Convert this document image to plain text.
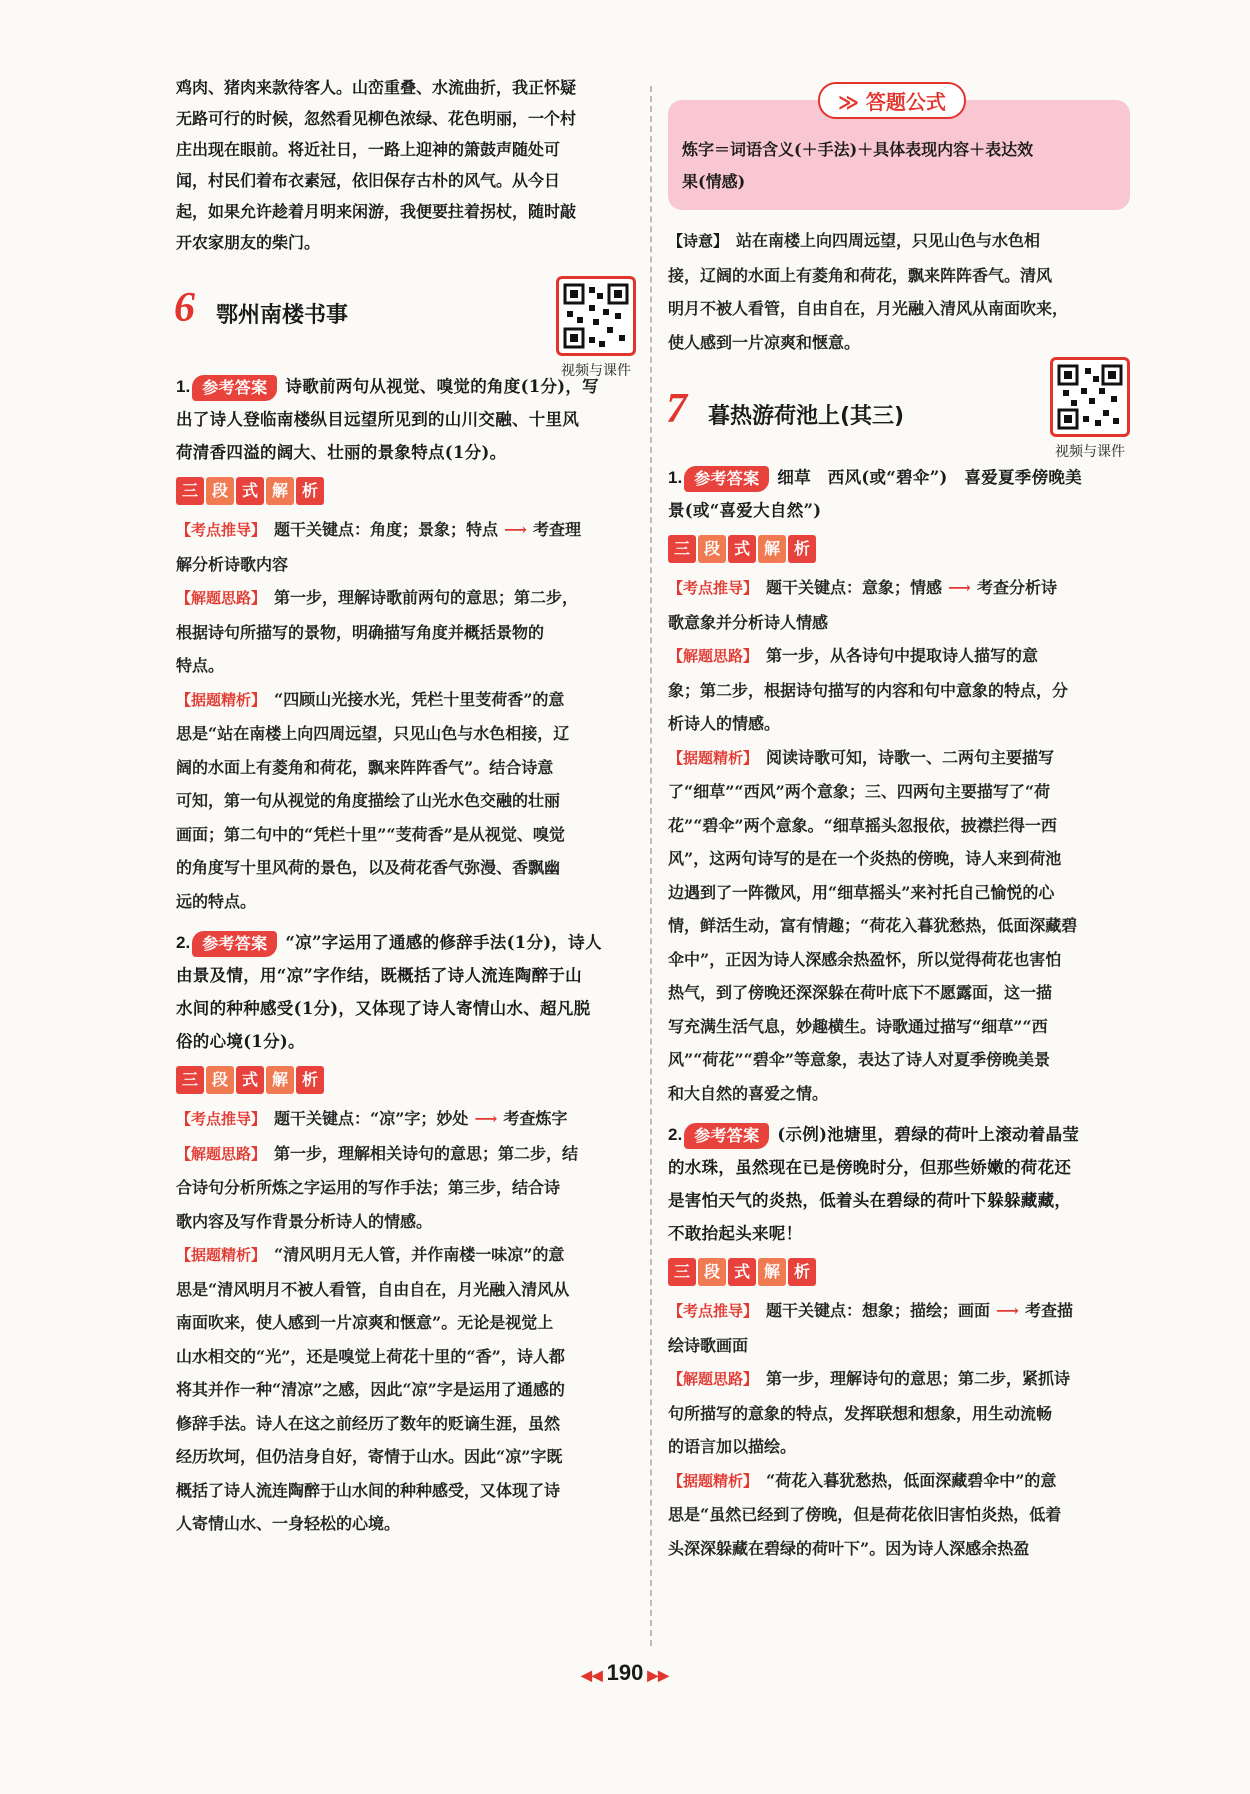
鸡肉、猪肉来款待客人。山峦重叠、水流曲折，我正怀疑

无路可行的时候，忽然看见柳色浓绿、花色明丽，一个村

庄出现在眼前。将近社日，一路上迎神的箫鼓声随处可

闻，村民们着布衣素冠，依旧保存古朴的风气。从今日

起，如果允许趁着月明来闲游，我便要拄着拐杖，随时敲

开农家朋友的柴门。

6 鄂州南楼书事
视频与课件
1. 参考答案 诗歌前两句从视觉、嗅觉的角度(1分)，写

出了诗人登临南楼纵目远望所见到的山川交融、十里风

荷清香四溢的阔大、壮丽的景象特点(1分)。

三 段 式 解 析

【考点推导】 题干关键点：角度；景象；特点 ⟶ 考查理

解分析诗歌内容

【解题思路】 第一步，理解诗歌前两句的意思；第二步，

根据诗句所描写的景物，明确描写角度并概括景物的

特点。

【据题精析】 “四顾山光接水光，凭栏十里芰荷香”的意

思是“站在南楼上向四周远望，只见山色与水色相接，辽

阔的水面上有菱角和荷花，飘来阵阵香气”。结合诗意

可知，第一句从视觉的角度描绘了山光水色交融的壮丽

画面；第二句中的“凭栏十里”“芰荷香”是从视觉、嗅觉

的角度写十里风荷的景色，以及荷花香气弥漫、香飘幽

远的特点。

2. 参考答案 “凉”字运用了通感的修辞手法(1分)，诗人

由景及情，用“凉”字作结，既概括了诗人流连陶醉于山

水间的种种感受(1分)，又体现了诗人寄情山水、超凡脱

俗的心境(1分)。

三 段 式 解 析

【考点推导】 题干关键点：“凉”字；妙处 ⟶ 考查炼字

【解题思路】 第一步，理解相关诗句的意思；第二步，结

合诗句分析所炼之字运用的写作手法；第三步，结合诗

歌内容及写作背景分析诗人的情感。

【据题精析】 “清风明月无人管，并作南楼一味凉”的意

思是“清风明月不被人看管，自由自在，月光融入清风从

南面吹来，使人感到一片凉爽和惬意”。无论是视觉上

山水相交的“光”，还是嗅觉上荷花十里的“香”，诗人都

将其并作一种“清凉”之感，因此“凉”字是运用了通感的

修辞手法。诗人在这之前经历了数年的贬谪生涯，虽然

经历坎坷，但仍洁身自好，寄情于山水。因此“凉”字既

概括了诗人流连陶醉于山水间的种种感受，又体现了诗

人寄情山水、一身轻松的心境。

≫ 答题公式

炼字＝词语含义(＋手法)＋具体表现内容＋表达效

果(情感)

【诗意】 站在南楼上向四周远望，只见山色与水色相

接，辽阔的水面上有菱角和荷花，飘来阵阵香气。清风

明月不被人看管，自由自在，月光融入清风从南面吹来，

使人感到一片凉爽和惬意。

7 暮热游荷池上(其三)
视频与课件
1. 参考答案 细草　西风(或“碧伞”)　喜爱夏季傍晚美

景(或“喜爱大自然”)

三 段 式 解 析

【考点推导】 题干关键点：意象；情感 ⟶ 考查分析诗

歌意象并分析诗人情感

【解题思路】 第一步，从各诗句中提取诗人描写的意

象；第二步，根据诗句描写的内容和句中意象的特点，分

析诗人的情感。

【据题精析】 阅读诗歌可知，诗歌一、二两句主要描写

了“细草”“西风”两个意象；三、四两句主要描写了“荷

花”“碧伞”两个意象。“细草摇头忽报依，披襟拦得一西

风”，这两句诗写的是在一个炎热的傍晚，诗人来到荷池

边遇到了一阵微风，用“细草摇头”来衬托自己愉悦的心

情，鲜活生动，富有情趣；“荷花入暮犹愁热，低面深藏碧

伞中”，正因为诗人深感余热盈怀，所以觉得荷花也害怕

热气，到了傍晚还深深躲在荷叶底下不愿露面，这一描

写充满生活气息，妙趣横生。诗歌通过描写“细草”“西

风”“荷花”“碧伞”等意象，表达了诗人对夏季傍晚美景

和大自然的喜爱之情。

2. 参考答案 (示例)池塘里，碧绿的荷叶上滚动着晶莹

的水珠，虽然现在已是傍晚时分，但那些娇嫩的荷花还

是害怕天气的炎热，低着头在碧绿的荷叶下躲躲藏藏，

不敢抬起头来呢！

三 段 式 解 析

【考点推导】 题干关键点：想象；描绘；画面 ⟶ 考查描

绘诗歌画面

【解题思路】 第一步，理解诗句的意思；第二步，紧抓诗

句所描写的意象的特点，发挥联想和想象，用生动流畅

的语言加以描绘。

【据题精析】 “荷花入暮犹愁热，低面深藏碧伞中”的意

思是“虽然已经到了傍晚，但是荷花依旧害怕炎热，低着

头深深躲藏在碧绿的荷叶下”。因为诗人深感余热盈

◀◀ 190 ▶▶
